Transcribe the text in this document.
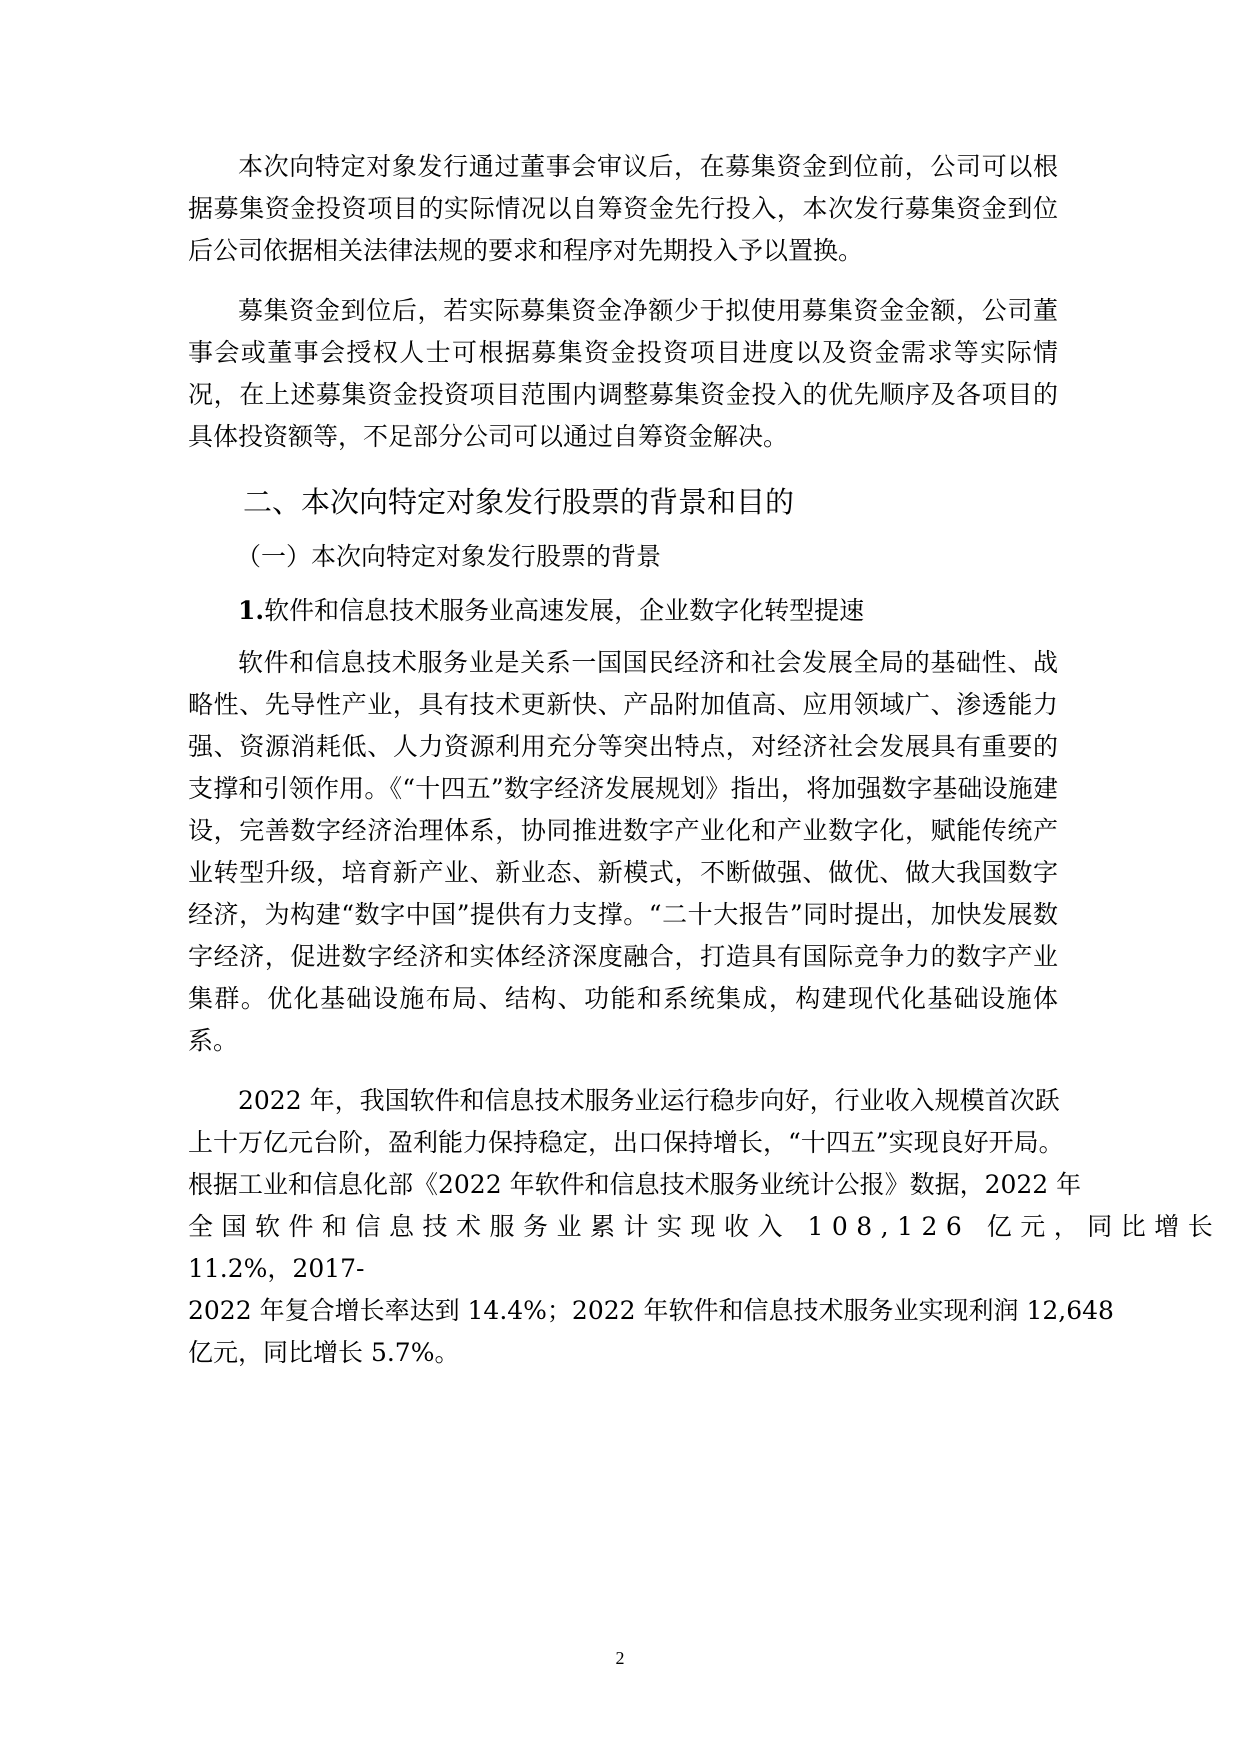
本次向特定对象发行通过董事会审议后，在募集资金到位前，公司可以根据募集资金投资项目的实际情况以自筹资金先行投入，本次发行募集资金到位后公司依据相关法律法规的要求和程序对先期投入予以置换。

募集资金到位后，若实际募集资金净额少于拟使用募集资金金额，公司董事会或董事会授权人士可根据募集资金投资项目进度以及资金需求等实际情况，在上述募集资金投资项目范围内调整募集资金投入的优先顺序及各项目的具体投资额等，不足部分公司可以通过自筹资金解决。

二、本次向特定对象发行股票的背景和目的
（一）本次向特定对象发行股票的背景
1.软件和信息技术服务业高速发展，企业数字化转型提速

软件和信息技术服务业是关系一国国民经济和社会发展全局的基础性、战略性、先导性产业，具有技术更新快、产品附加值高、应用领域广、渗透能力强、资源消耗低、人力资源利用充分等突出特点，对经济社会发展具有重要的支撑和引领作用。《“十四五”数字经济发展规划》指出，将加强数字基础设施建设，完善数字经济治理体系，协同推进数字产业化和产业数字化，赋能传统产业转型升级，培育新产业、新业态、新模式，不断做强、做优、做大我国数字经济，为构建“数字中国”提供有力支撑。“二十大报告”同时提出，加快发展数字经济，促进数字经济和实体经济深度融合，打造具有国际竞争力的数字产业集群。优化基础设施布局、结构、功能和系统集成，构建现代化基础设施体系。

2022 年，我国软件和信息技术服务业运行稳步向好，行业收入规模首次跃
上十万亿元台阶，盈利能力保持稳定，出口保持增长，“十四五”实现良好开局。
根据工业和信息化部《2022 年软件和信息技术服务业统计公报》数据，2022 年
全国软件和信息技术服务业累计实现收入 108,126 亿元，同比增长
11.2%，2017-
2022 年复合增长率达到 14.4%；2022 年软件和信息技术服务业实现利润 12,648
亿元，同比增长 5.7%。
2
